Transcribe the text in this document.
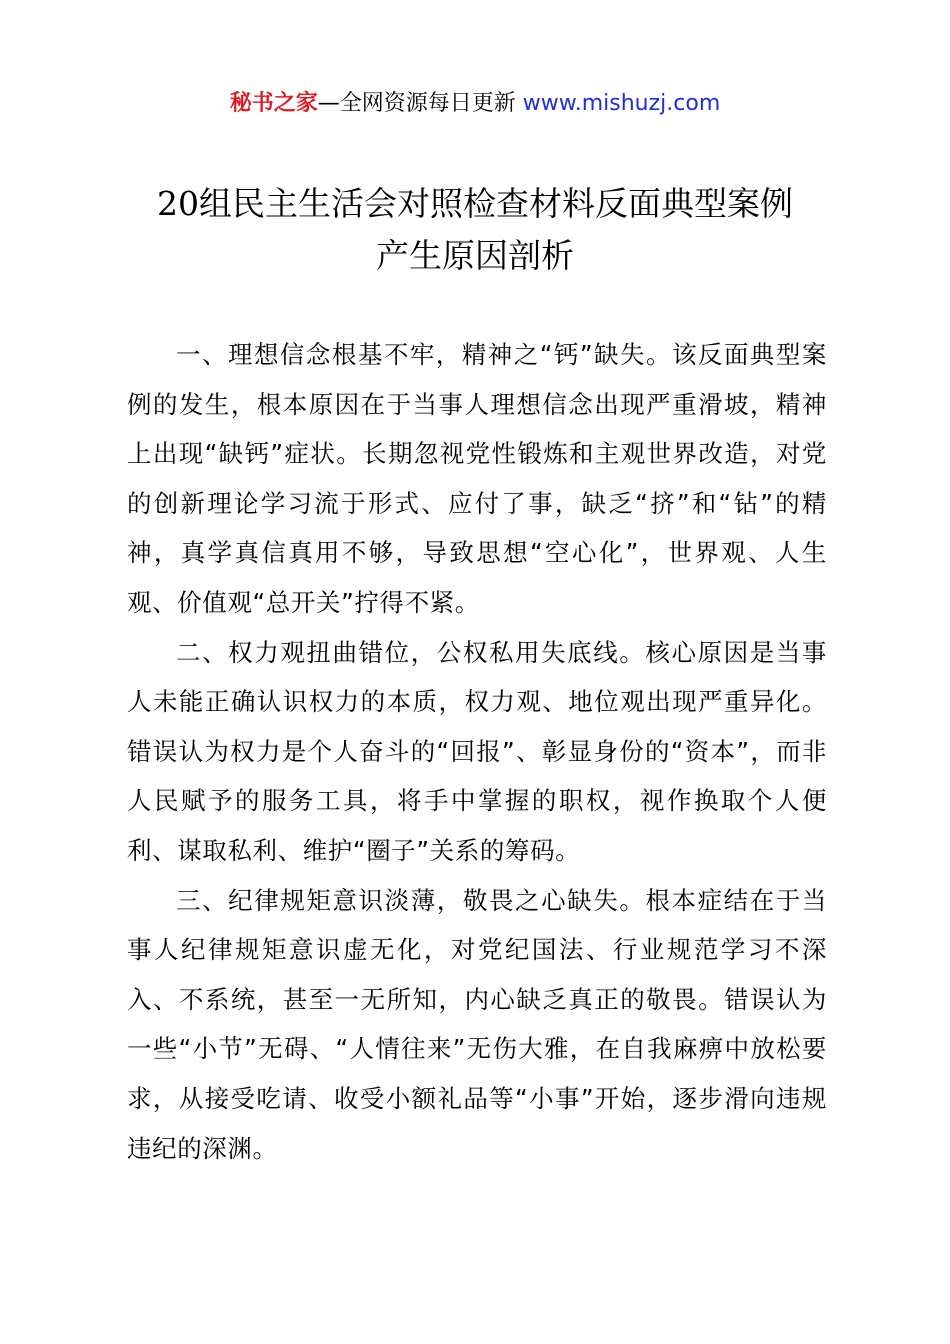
秘书之家—全网资源每日更新 www.mishuzj.com
20组民主生活会对照检查材料反面典型案例
产生原因剖析

一、理想信念根基不牢，精神之“钙”缺失。该反面典型案例的发生，根本原因在于当事人理想信念出现严重滑坡，精神上出现“缺钙”症状。长期忽视党性锻炼和主观世界改造，对党的创新理论学习流于形式、应付了事，缺乏“挤”和“钻”的精神，真学真信真用不够，导致思想“空心化”，世界观、人生观、价值观“总开关”拧得不紧。

二、权力观扭曲错位，公权私用失底线。核心原因是当事人未能正确认识权力的本质，权力观、地位观出现严重异化。错误认为权力是个人奋斗的“回报”、彰显身份的“资本”，而非人民赋予的服务工具，将手中掌握的职权，视作换取个人便利、谋取私利、维护“圈子”关系的筹码。

三、纪律规矩意识淡薄，敬畏之心缺失。根本症结在于当事人纪律规矩意识虚无化，对党纪国法、行业规范学习不深入、不系统，甚至一无所知，内心缺乏真正的敬畏。错误认为一些“小节”无碍、“人情往来”无伤大雅，在自我麻痹中放松要求，从接受吃请、收受小额礼品等“小事”开始，逐步滑向违规违纪的深渊。
